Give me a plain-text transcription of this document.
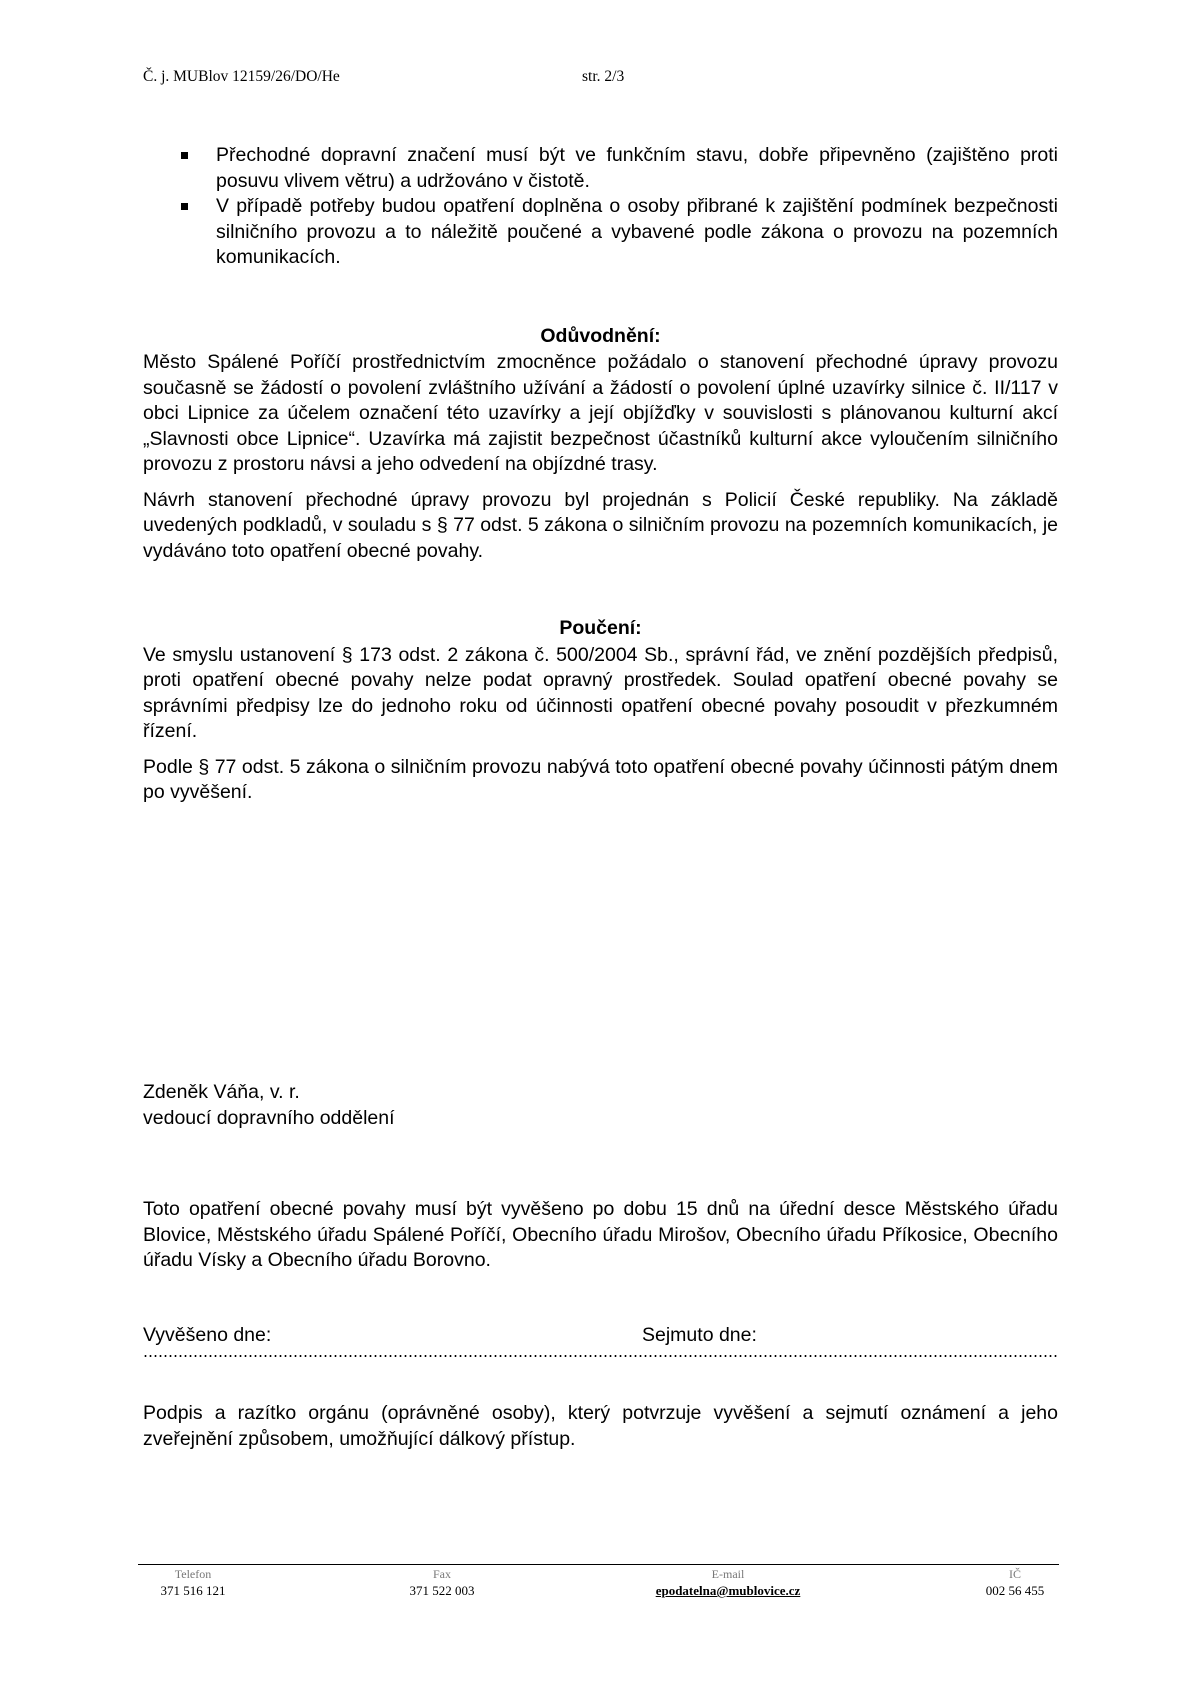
Č. j. MUBlov 12159/26/DO/He	str. 2/3
Přechodné dopravní značení musí být ve funkčním stavu, dobře připevněno (zajištěno proti posuvu vlivem větru) a udržováno v čistotě.
V případě potřeby budou opatření doplněna o osoby přibrané k zajištění podmínek bezpečnosti silničního provozu a to náležitě poučené a vybavené podle zákona o provozu na pozemních komunikacích.
Odůvodnění:

Město Spálené Poříčí prostřednictvím zmocněnce požádalo o stanovení přechodné úpravy provozu současně se žádostí o povolení zvláštního užívání a žádostí o povolení úplné uzavírky silnice č. II/117 v obci Lipnice za účelem označení této uzavírky a její objížďky v souvislosti s plánovanou kulturní akcí „Slavnosti obce Lipnice“. Uzavírka má zajistit bezpečnost účastníků kulturní akce vyloučením silničního provozu z prostoru návsi a jeho odvedení na objízdné trasy.

Návrh stanovení přechodné úpravy provozu byl projednán s Policií České republiky. Na základě uvedených podkladů, v souladu s § 77 odst. 5 zákona o silničním provozu na pozemních komunikacích, je vydáváno toto opatření obecné povahy.

Poučení:

Ve smyslu ustanovení § 173 odst. 2 zákona č. 500/2004 Sb., správní řád, ve znění pozdějších předpisů, proti opatření obecné povahy nelze podat opravný prostředek. Soulad opatření obecné povahy se správními předpisy lze do jednoho roku od účinnosti opatření obecné povahy posoudit v přezkumném řízení.

Podle § 77 odst. 5 zákona o silničním provozu nabývá toto opatření obecné povahy účinnosti pátým dnem po vyvěšení.

Zdeněk Váňa, v. r.
vedoucí dopravního oddělení
Toto opatření obecné povahy musí být vyvěšeno po dobu 15 dnů na úřední desce Městského úřadu Blovice, Městského úřadu Spálené Poříčí, Obecního úřadu Mirošov, Obecního úřadu Příkosice, Obecního úřadu Vísky a Obecního úřadu Borovno.
Vyvěšeno dne:	Sejmuto dne:
Podpis a razítko orgánu (oprávněné osoby), který potvrzuje vyvěšení a sejmutí oznámení a jeho zveřejnění způsobem, umožňující dálkový přístup.
Telefon
371 516 121
Fax
371 522 003
E-mail
epodatelna@mublovice.cz
IČ
002 56 455
